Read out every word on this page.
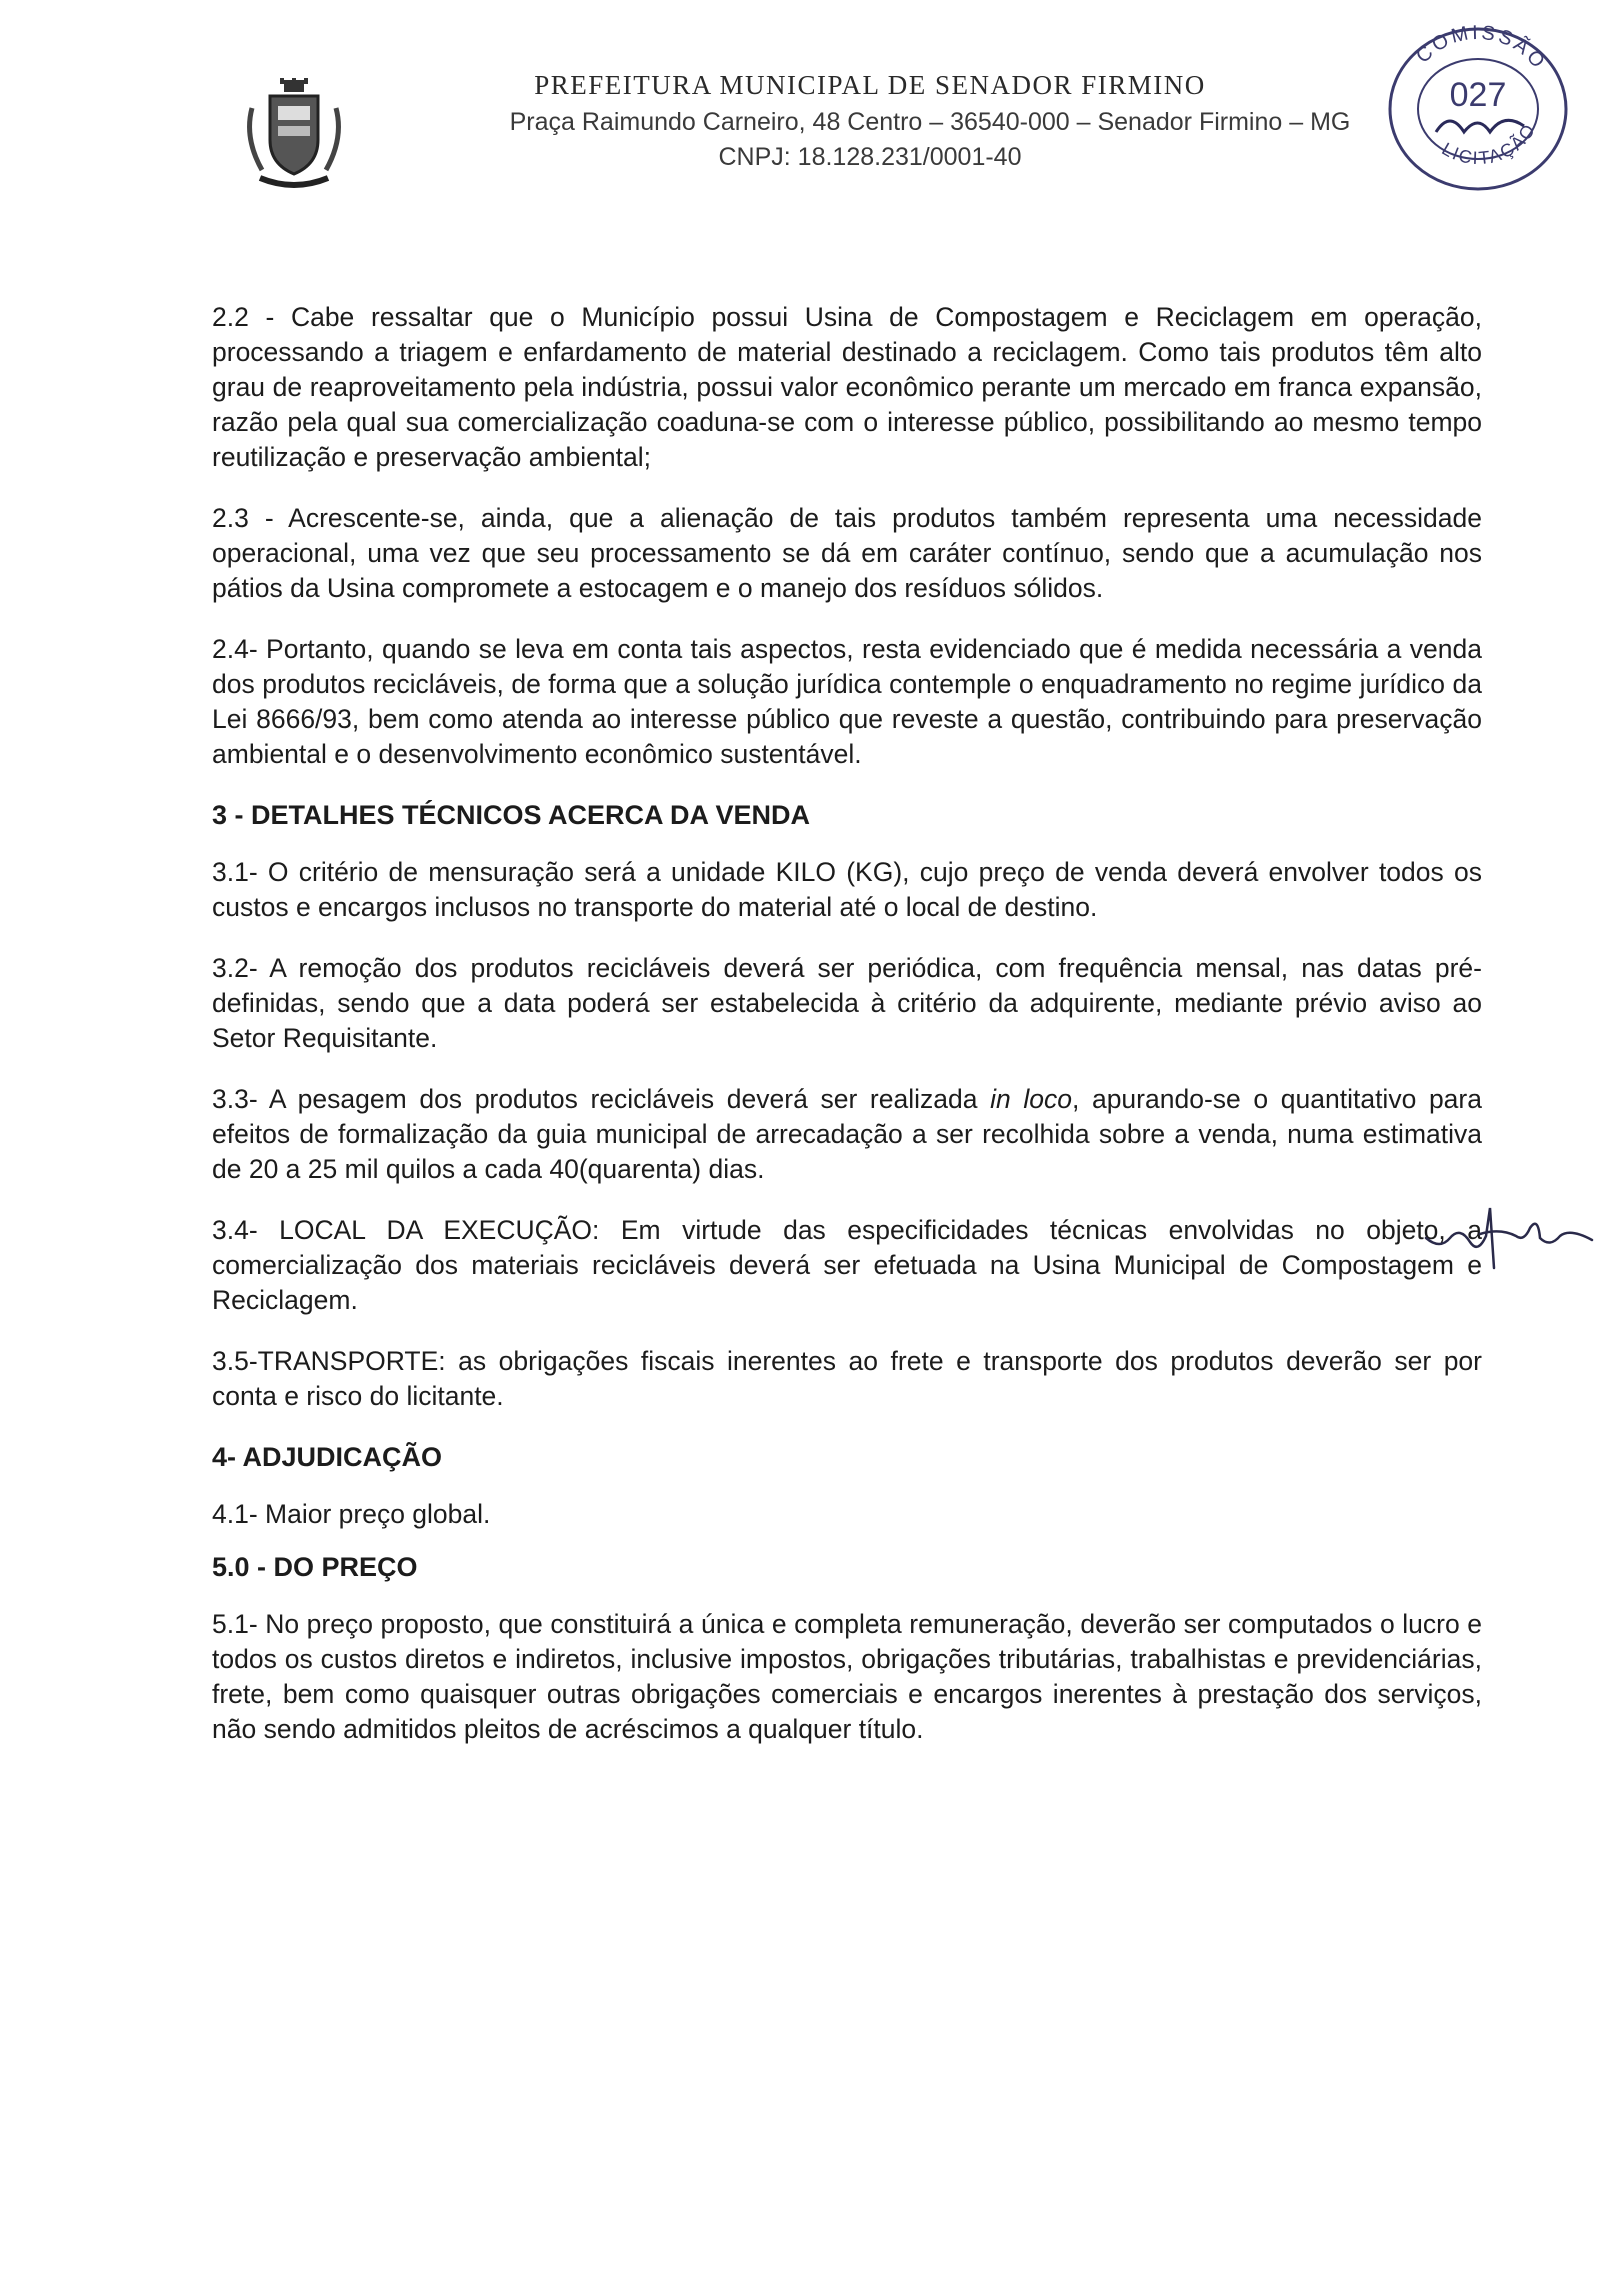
PREFEITURA MUNICIPAL DE SENADOR FIRMINO
Praça Raimundo Carneiro, 48 Centro – 36540-000 – Senador Firmino – MG
CNPJ: 18.128.231/0001-40
COMISSÃO
LICITAÇÃO
027

2.2 - Cabe ressaltar que o Município possui Usina de Compostagem e Reciclagem em operação, processando a triagem e enfardamento de material destinado a reciclagem. Como tais produtos têm alto grau de reaproveitamento pela indústria, possui valor econômico perante um mercado em franca expansão, razão pela qual sua comercialização coaduna-se com o interesse público, possibilitando ao mesmo tempo reutilização e preservação ambiental;

2.3 - Acrescente-se, ainda, que a alienação de tais produtos também representa uma necessidade operacional, uma vez que seu processamento se dá em caráter contínuo, sendo que a acumulação nos pátios da Usina compromete a estocagem e o manejo dos resíduos sólidos.

2.4- Portanto, quando se leva em conta tais aspectos, resta evidenciado que é medida necessária a venda dos produtos recicláveis, de forma que a solução jurídica contemple o enquadramento no regime jurídico da Lei 8666/93, bem como atenda ao interesse público que reveste a questão, contribuindo para preservação ambiental e o desenvolvimento econômico sustentável.

3 - DETALHES TÉCNICOS ACERCA DA VENDA

3.1- O critério de mensuração será a unidade KILO (KG), cujo preço de venda deverá envolver todos os custos e encargos inclusos no transporte do material até o local de destino.

3.2- A remoção dos produtos recicláveis deverá ser periódica, com frequência mensal, nas datas pré-definidas, sendo que a data poderá ser estabelecida à critério da adquirente, mediante prévio aviso ao Setor Requisitante.

3.3- A pesagem dos produtos recicláveis deverá ser realizada in loco, apurando-se o quantitativo para efeitos de formalização da guia municipal de arrecadação a ser recolhida sobre a venda, numa estimativa de 20 a 25 mil quilos a cada 40(quarenta) dias.

3.4- LOCAL DA EXECUÇÃO: Em virtude das especificidades técnicas envolvidas no objeto, a comercialização dos materiais recicláveis deverá ser efetuada na Usina Municipal de Compostagem e Reciclagem.

3.5-TRANSPORTE: as obrigações fiscais inerentes ao frete e transporte dos produtos deverão ser por conta e risco do licitante.

4- ADJUDICAÇÃO

4.1- Maior preço global.

5.0 - DO PREÇO

5.1- No preço proposto, que constituirá a única e completa remuneração, deverão ser computados o lucro e todos os custos diretos e indiretos, inclusive impostos, obrigações tributárias, trabalhistas e previdenciárias, frete, bem como quaisquer outras obrigações comerciais e encargos inerentes à prestação dos serviços, não sendo admitidos pleitos de acréscimos a qualquer título.
